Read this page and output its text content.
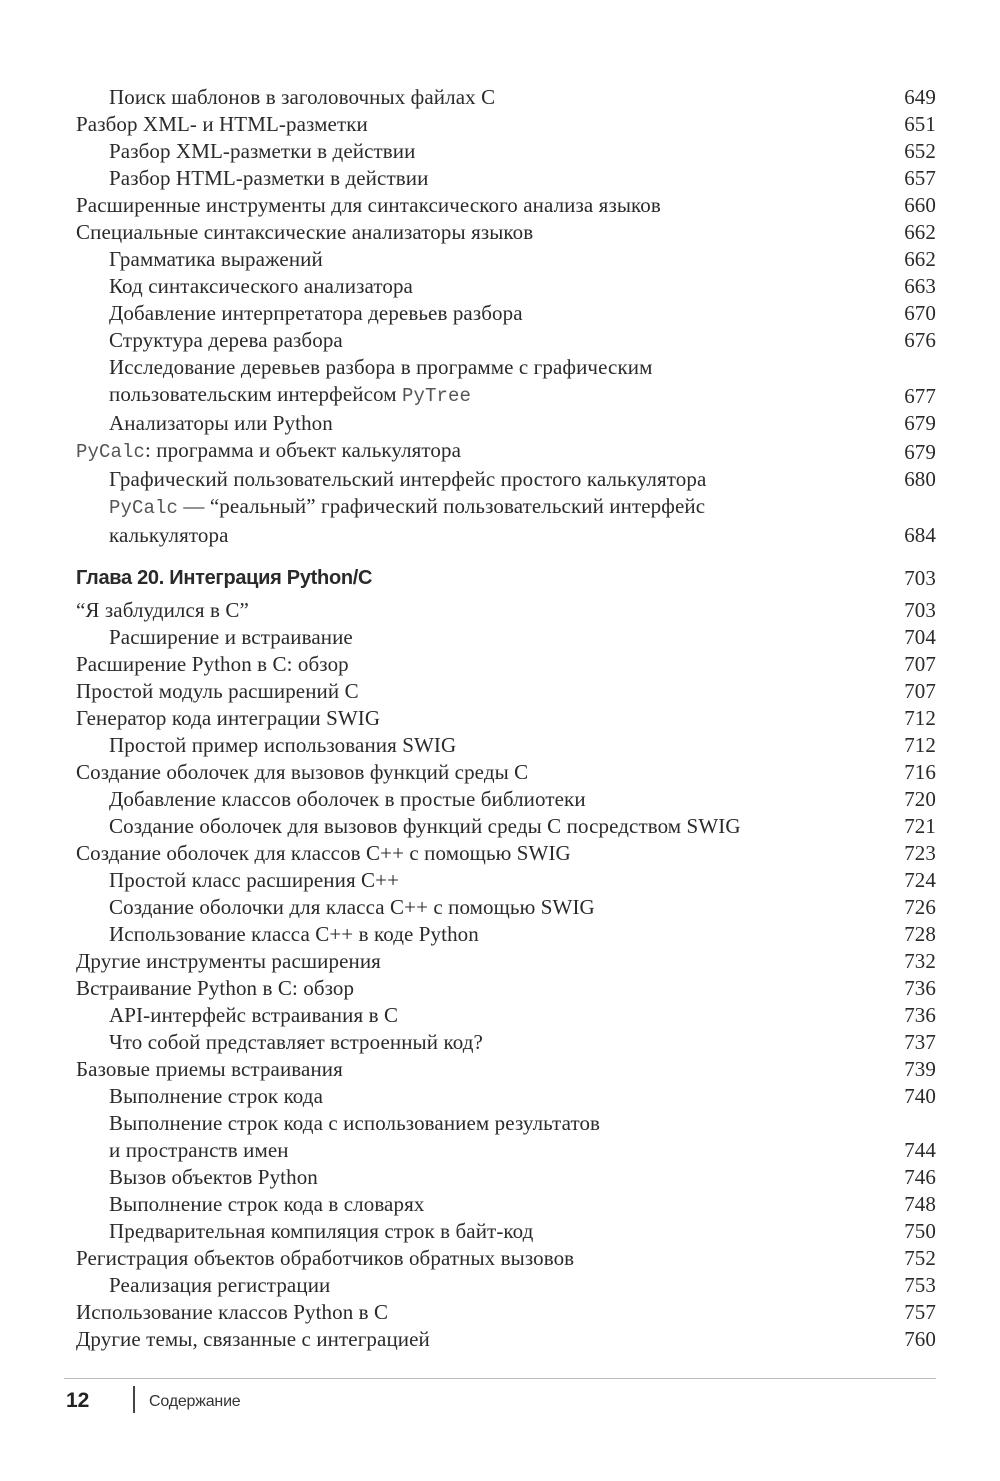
Поиск шаблонов в заголовочных файлах C	649
Разбор XML- и HTML-разметки	651
Разбор XML-разметки в действии	652
Разбор HTML-разметки в действии	657
Расширенные инструменты для синтаксического анализа языков	660
Специальные синтаксические анализаторы языков	662
Грамматика выражений	662
Код синтаксического анализатора	663
Добавление интерпретатора деревьев разбора	670
Структура дерева разбора	676
Исследование деревьев разбора в программе с графическим
пользовательским интерфейсом PyTree	677
Анализаторы или Python	679
PyCalc: программа и объект калькулятора	679
Графический пользовательский интерфейс простого калькулятора	680
PyCalc — “реальный” графический пользовательский интерфейс
калькулятора	684
Глава 20. Интеграция Python/C	703
“Я заблудился в C”	703
Расширение и встраивание	704
Расширение Python в C: обзор	707
Простой модуль расширений C	707
Генератор кода интеграции SWIG	712
Простой пример использования SWIG	712
Создание оболочек для вызовов функций среды C	716
Добавление классов оболочек в простые библиотеки	720
Создание оболочек для вызовов функций среды C посредством SWIG	721
Создание оболочек для классов C++ с помощью SWIG	723
Простой класс расширения C++	724
Создание оболочки для класса C++ с помощью SWIG	726
Использование класса C++ в коде Python	728
Другие инструменты расширения	732
Встраивание Python в C: обзор	736
API-интерфейс встраивания в C	736
Что собой представляет встроенный код?	737
Базовые приемы встраивания	739
Выполнение строк кода	740
Выполнение строк кода с использованием результатов
и пространств имен	744
Вызов объектов Python	746
Выполнение строк кода в словарях	748
Предварительная компиляция строк в байт-код	750
Регистрация объектов обработчиков обратных вызовов	752
Реализация регистрации	753
Использование классов Python в C	757
Другие темы, связанные с интеграцией	760
12	Содержание
